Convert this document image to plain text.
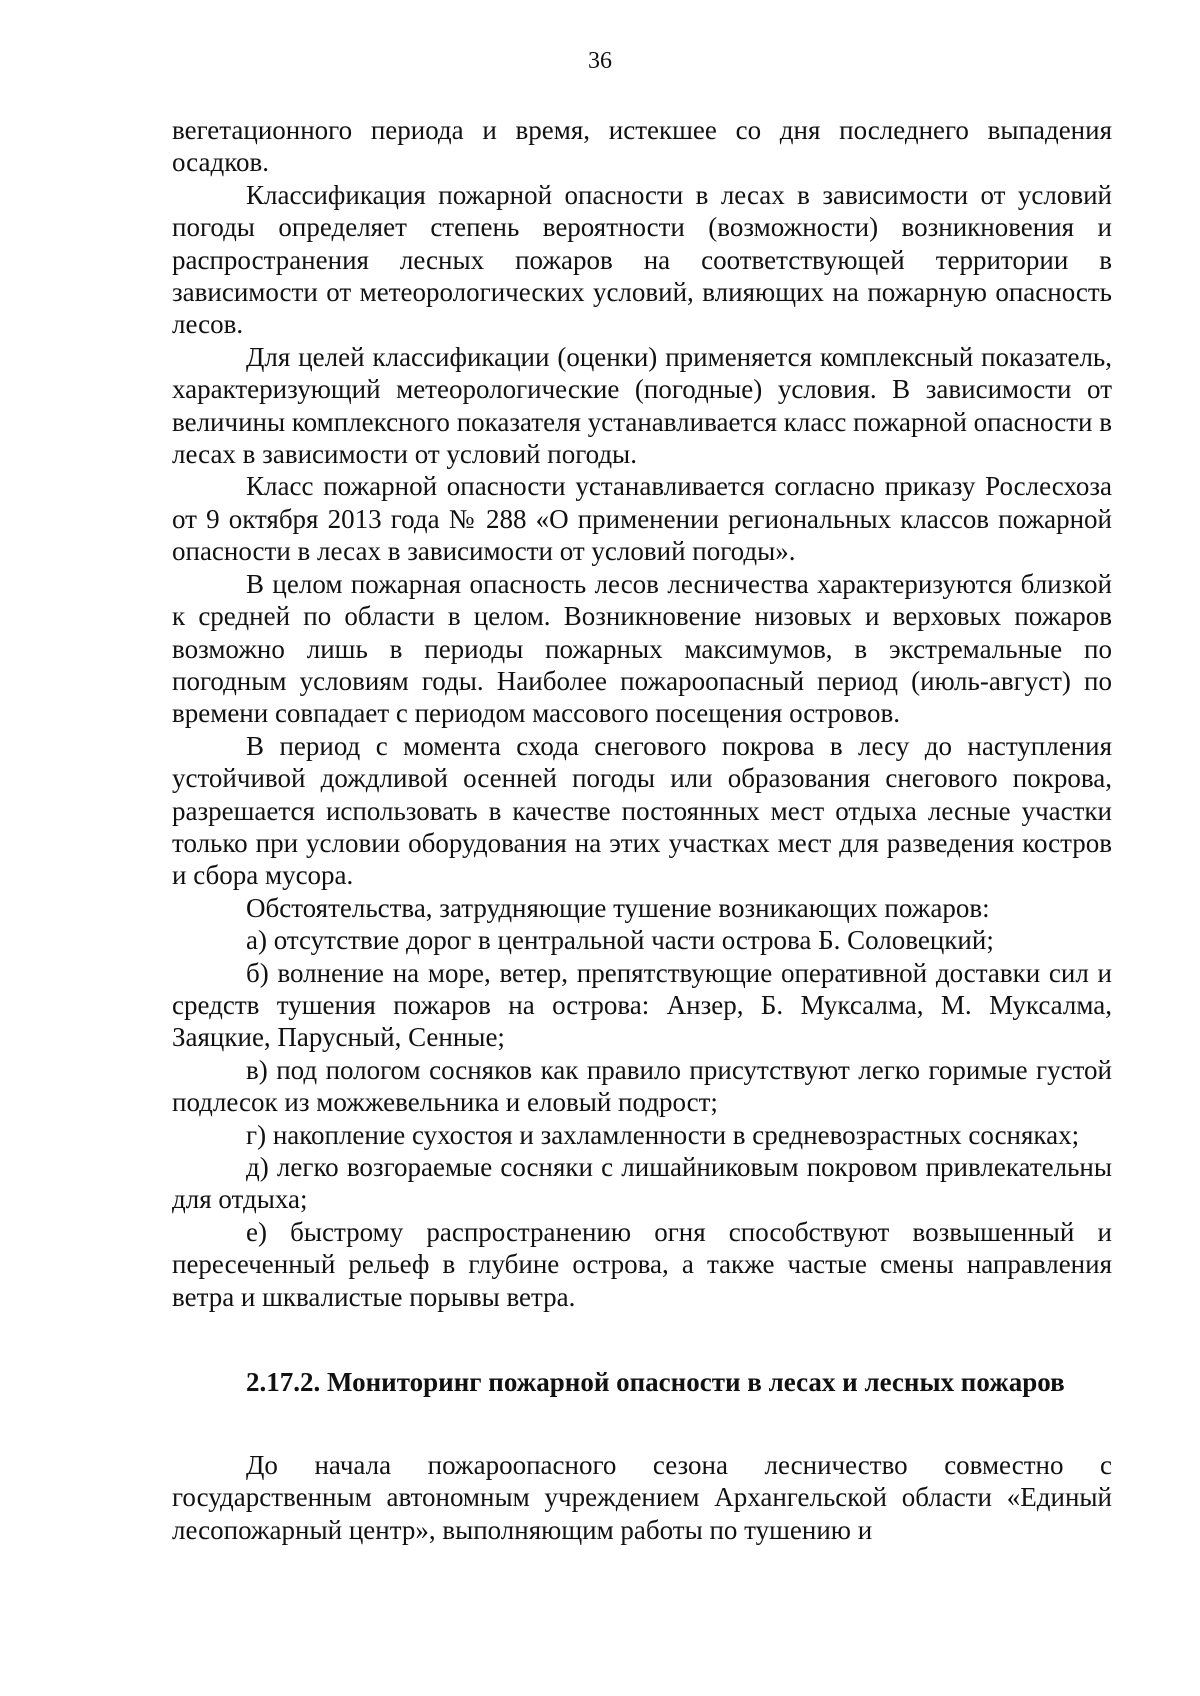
36

вегетационного периода и время, истекшее со дня последнего выпадения осадков.

Классификация пожарной опасности в лесах в зависимости от условий погоды определяет степень вероятности (возможности) возникновения и распространения лесных пожаров на соответствующей территории в зависимости от метеорологических условий, влияющих на пожарную опасность лесов.

Для целей классификации (оценки) применяется комплексный показатель, характеризующий метеорологические (погодные) условия. В зависимости от величины комплексного показателя устанавливается класс пожарной опасности в лесах в зависимости от условий погоды.

Класс пожарной опасности устанавливается согласно приказу Рослесхоза от 9 октября 2013 года № 288 «О применении региональных классов пожарной опасности в лесах в зависимости от условий погоды».

В целом пожарная опасность лесов лесничества характеризуются близкой к средней по области в целом. Возникновение низовых и верховых пожаров возможно лишь в периоды пожарных максимумов, в экстремальные по погодным условиям годы. Наиболее пожароопасный период (июль-август) по времени совпадает с периодом массового посещения островов.

В период с момента схода снегового покрова в лесу до наступления устойчивой дождливой осенней погоды или образования снегового покрова, разрешается использовать в качестве постоянных мест отдыха лесные участки только при условии оборудования на этих участках мест для разведения костров и сбора мусора.

Обстоятельства, затрудняющие тушение возникающих пожаров:

а) отсутствие дорог в центральной части острова Б. Соловецкий;

б) волнение на море, ветер, препятствующие оперативной доставки сил и средств тушения пожаров на острова: Анзер, Б. Муксалма, М. Муксалма, Заяцкие, Парусный, Сенные;

в) под пологом сосняков как правило присутствуют легко горимые густой подлесок из можжевельника и еловый подрост;

г) накопление сухостоя и захламленности в средневозрастных сосняках;

д) легко возгораемые сосняки с лишайниковым покровом привлекательны для отдыха;

е) быстрому распространению огня способствуют возвышенный и пересеченный рельеф в глубине острова, а также частые смены направления ветра и шквалистые порывы ветра.

2.17.2. Мониторинг пожарной опасности в лесах и лесных пожаров

До начала пожароопасного сезона лесничество совместно с государственным автономным учреждением Архангельской области «Единый лесопожарный центр», выполняющим работы по тушению и
